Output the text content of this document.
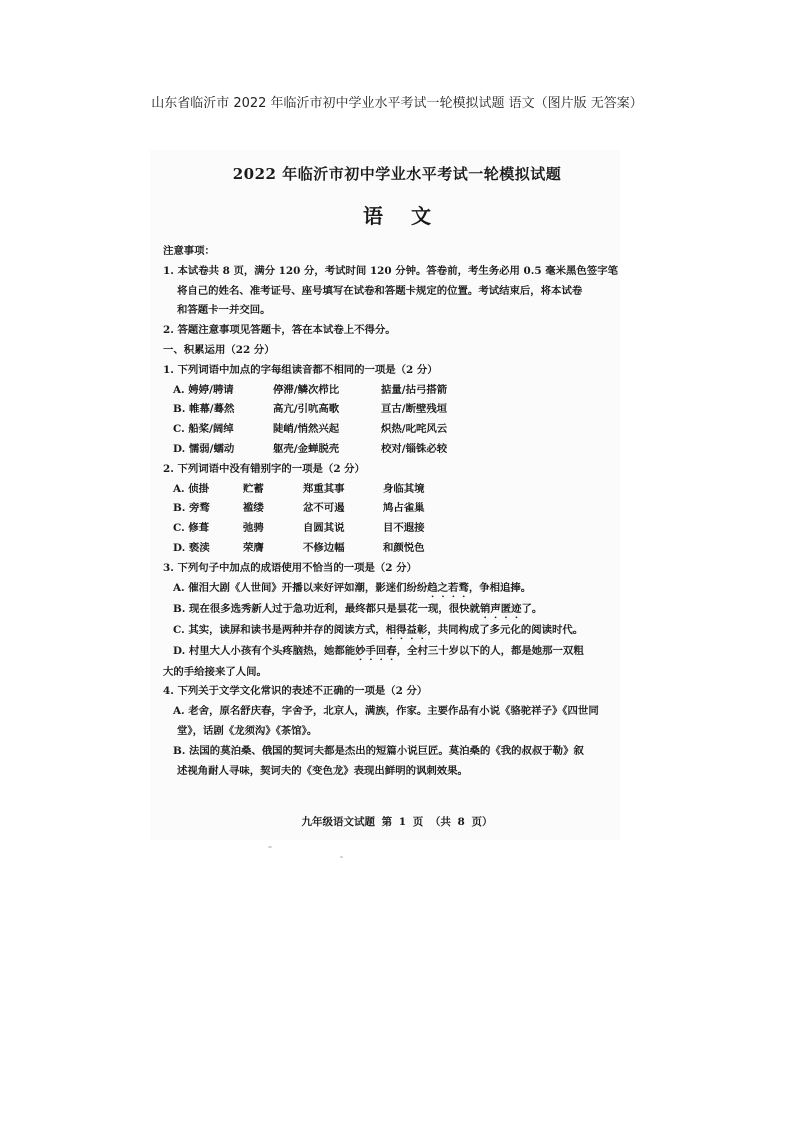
山东省临沂市 2022 年临沂市初中学业水平考试一轮模拟试题 语文（图片版 无答案）
2022 年临沂市初中学业水平考试一轮模拟试题
语文
注意事项：
1. 本试卷共 8 页，满分 120 分，考试时间 120 分钟。答卷前，考生务必用 0.5 毫米黑色签字笔
将自己的姓名、准考证号、座号填写在试卷和答题卡规定的位置。考试结束后，将本试卷
和答题卡一并交回。
2. 答题注意事项见答题卡，答在本试卷上不得分。
一、积累运用（22 分）
1. 下列词语中加点的字每组读音都不相同的一项是（2 分）
A. 娉婷/聘请	停滞/鳞次栉比	掂量/拈弓搭箭
B. 帷幕/蓦然	高亢/引吭高歌	亘古/断壁残垣
C. 船桨/阔绰	陡峭/悄然兴起	炽热/叱咤风云
D. 懦弱/蠕动	躯壳/金蝉脱壳	校对/锱铢必较
2. 下列词语中没有错别字的一项是（2 分）
A. 侦掛	贮蓄	郑重其事	身临其境
B. 旁骛	褴缕	忿不可遏	鸠占雀巢
C. 修葺	弛骋	自圆其说	目不遐接
D. 亵渎	荣膺	不修边幅	和颜悦色
3. 下列句子中加点的成语使用不恰当的一项是（2 分）
A. 催泪大剧《人世间》开播以来好评如潮，影迷们纷纷趋之若骛，争相追捧。
B. 现在很多选秀新人过于急功近利，最终都只是昙花一现，很快就销声匿迹了。
C. 其实，读屏和读书是两种并存的阅读方式，相得益彰，共同构成了多元化的阅读时代。
D. 村里大人小孩有个头疼脑热，她都能妙手回春，全村三十岁以下的人，都是她那一双粗
大的手给接来了人间。
4. 下列关于文学文化常识的表述不正确的一项是（2 分）
A. 老舍，原名舒庆春，字舍予，北京人，满族，作家。主要作品有小说《骆驼祥子》《四世同
堂》，话剧《龙须沟》《茶馆》。
B. 法国的莫泊桑、俄国的契诃夫都是杰出的短篇小说巨匠。莫泊桑的《我的叔叔于勒》叙
述视角耐人寻味，契诃夫的《变色龙》表现出鲜明的讽刺效果。
九年级语文试题 第 1 页 （共 8 页）
